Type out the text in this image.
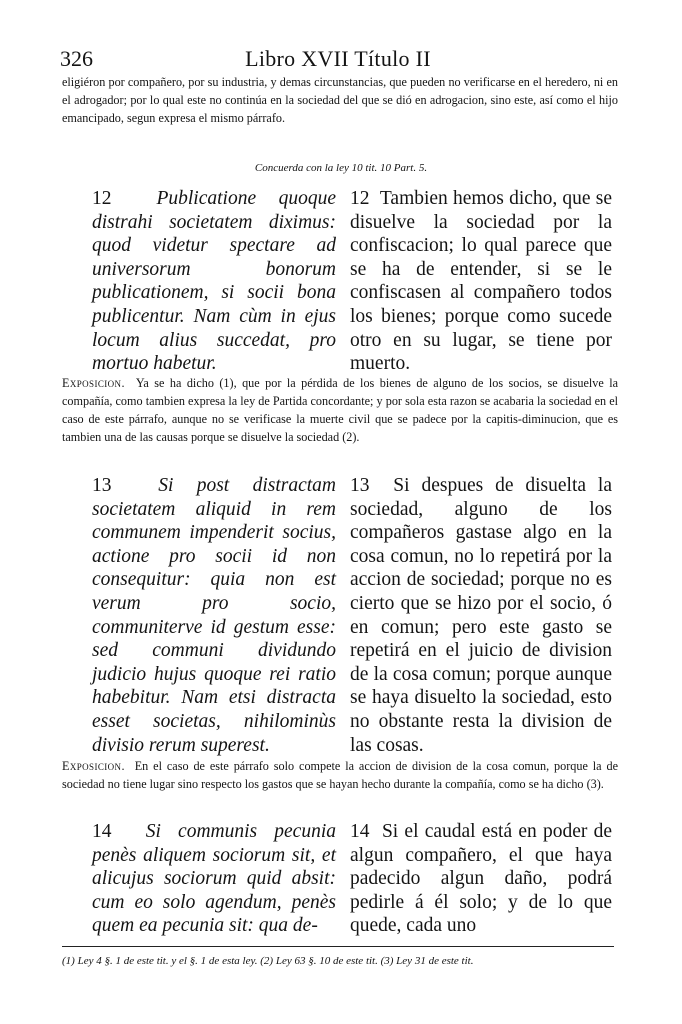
326	Libro XVII Título II
eligiéron por compañero, por su industria, y demas circunstancias, que pueden no verificarse en el heredero, ni en el adrogador; por lo qual este no continúa en la sociedad del que se dió en adrogacion, sino este, así como el hijo emancipado, segun expresa el mismo párrafo.
Concuerda con la ley 10 tit. 10 Part. 5.
12 Publicatione quoque distrahi societatem diximus: quod videtur spectare ad universorum bonorum publicationem, si socii bona publicentur. Nam cùm in ejus locum alius succedat, pro mortuo habetur.
12 Tambien hemos dicho, que se disuelve la sociedad por la confiscacion; lo qual parece que se ha de entender, si se le confiscasen al compañero todos los bienes; porque como sucede otro en su lugar, se tiene por muerto.
Exposicion. Ya se ha dicho (1), que por la pérdida de los bienes de alguno de los socios, se disuelve la compañía, como tambien expresa la ley de Partida concordante; y por sola esta razon se acabaria la sociedad en el caso de este párrafo, aunque no se verificase la muerte civil que se padece por la capitis-diminucion, que es tambien una de las causas porque se disuelve la sociedad (2).
13 Si post distractam societatem aliquid in rem communem impenderit socius, actione pro socii id non consequitur: quia non est verum pro socio, communiterve id gestum esse: sed communi dividundo judicio hujus quoque rei ratio habebitur. Nam etsi distracta esset societas, nihilominùs divisio rerum superest.
13 Si despues de disuelta la sociedad, alguno de los compañeros gastase algo en la cosa comun, no lo repetirá por la accion de sociedad; porque no es cierto que se hizo por el socio, ó en comun; pero este gasto se repetirá en el juicio de division de la cosa comun; porque aunque se haya disuelto la sociedad, esto no obstante resta la division de las cosas.
Exposicion. En el caso de este párrafo solo compete la accion de division de la cosa comun, porque la de sociedad no tiene lugar sino respecto los gastos que se hayan hecho durante la compañía, como se ha dicho (3).
14 Si communis pecunia penès aliquem sociorum sit, et alicujus sociorum quid absit: cum eo solo agendum, penès quem ea pecunia sit: qua de-
14 Si el caudal está en poder de algun compañero, el que haya padecido algun daño, podrá pedirle á él solo; y de lo que quede, cada uno
(1) Ley 4 §. 1 de este tit. y el §. 1 de esta ley. (2) Ley 63 §. 10 de este tit. (3) Ley 31 de este tit.
